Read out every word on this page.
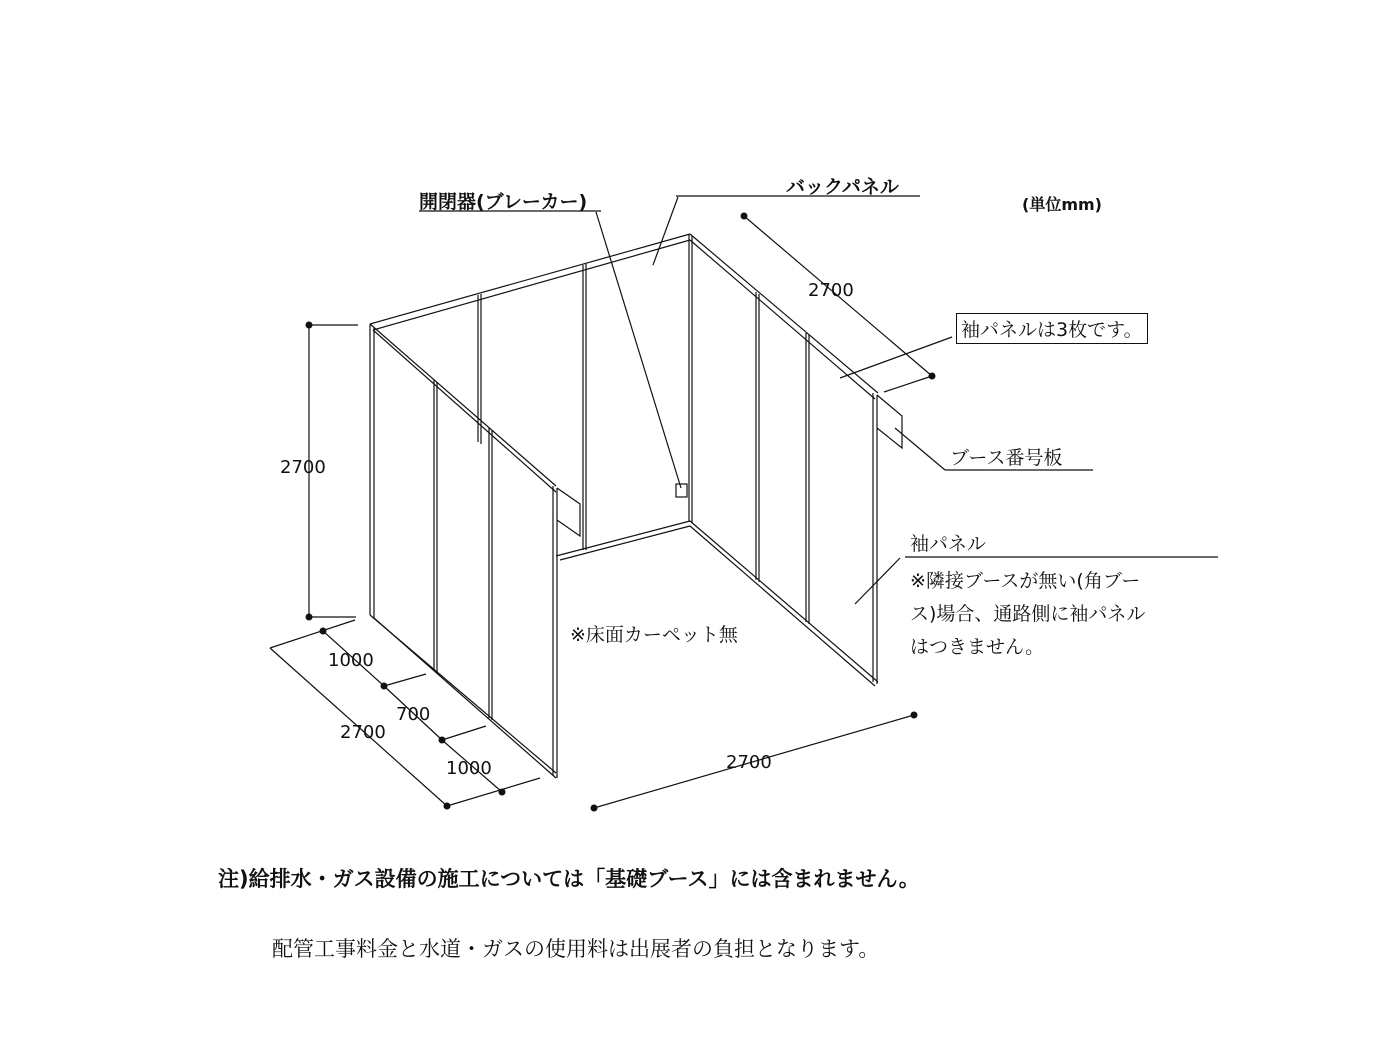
開閉器(ブレーカー)
バックパネル
(単位mm)
袖パネルは3枚です。
ブース番号板
袖パネル
※隣接ブースが無い(角ブー
ス)場合、通路側に袖パネル
はつきません。
※床面カーペット無
2700
2700
2700
2700
1000
700
1000
注)給排水・ガス設備の施工については「基礎ブース」には含まれません。
配管工事料金と水道・ガスの使用料は出展者の負担となります。
